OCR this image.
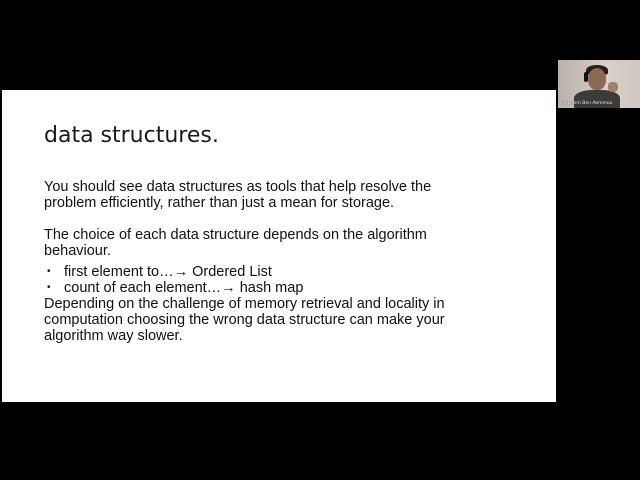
data structures.

You should see data structures as tools that help resolve the
problem efficiently, rather than just a mean for storage.

The choice of each data structure depends on the algorithm
behaviour.

• first element to…→ Ordered List
• count of each element…→ hash map

Depending on the challenge of memory retrieval and locality in
computation choosing the wrong data structure can make your
algorithm way slower.

Houssem Ben Aemmou
